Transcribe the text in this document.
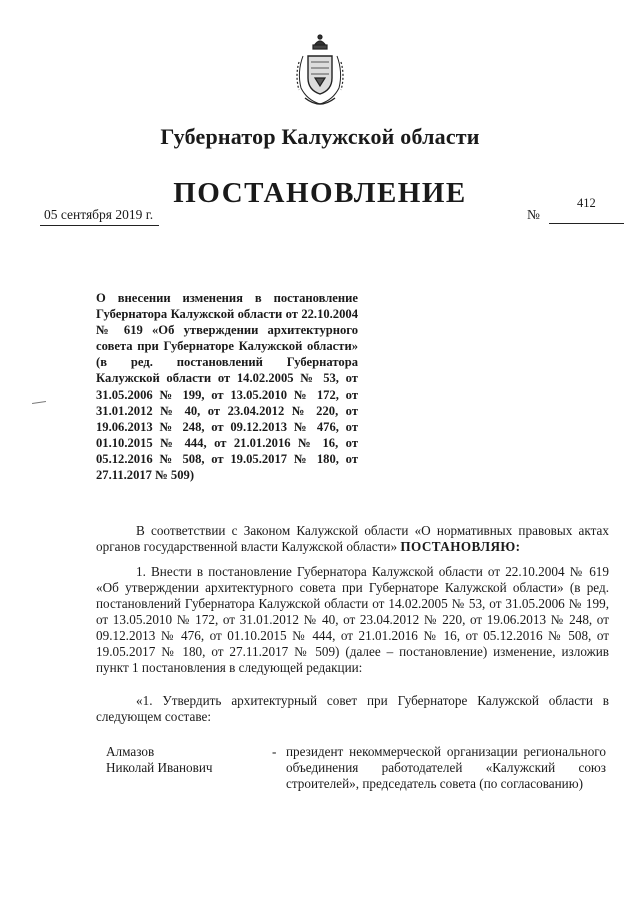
Губернатор Калужской области
ПОСТАНОВЛЕНИЕ
05 сентября 2019 г.	№
412
О внесении изменения в постановление Губернатора Калужской области от 22.10.2004 № 619 «Об утверждении архитектурного совета при Губернаторе Калужской области» (в ред. постановлений Губернатора Калужской области от 14.02.2005 № 53, от 31.05.2006 № 199, от 13.05.2010 № 172, от 31.01.2012 № 40, от 23.04.2012 № 220, от 19.06.2013 № 248, от 09.12.2013 № 476, от 01.10.2015 № 444, от 21.01.2016 № 16, от 05.12.2016 № 508, от 19.05.2017 № 180, от 27.11.2017 № 509)
В соответствии с Законом Калужской области «О нормативных правовых актах органов государственной власти Калужской области» ПОСТАНОВЛЯЮ:
1. Внести в постановление Губернатора Калужской области от 22.10.2004 № 619 «Об утверждении архитектурного совета при Губернаторе Калужской области» (в ред. постановлений Губернатора Калужской области от 14.02.2005 № 53, от 31.05.2006 № 199, от 13.05.2010 № 172, от 31.01.2012 № 40, от 23.04.2012 № 220, от 19.06.2013 № 248, от 09.12.2013 № 476, от 01.10.2015 № 444, от 21.01.2016 № 16, от 05.12.2016 № 508, от 19.05.2017 № 180, от 27.11.2017 № 509) (далее – постановление) изменение, изложив пункт 1 постановления в следующей редакции:
«1. Утвердить архитектурный совет при Губернаторе Калужской области в следующем составе:
Алмазов
Николай Иванович
- президент некоммерческой организации регионального объединения работодателей «Калужский союз строителей», председатель совета (по согласованию)
